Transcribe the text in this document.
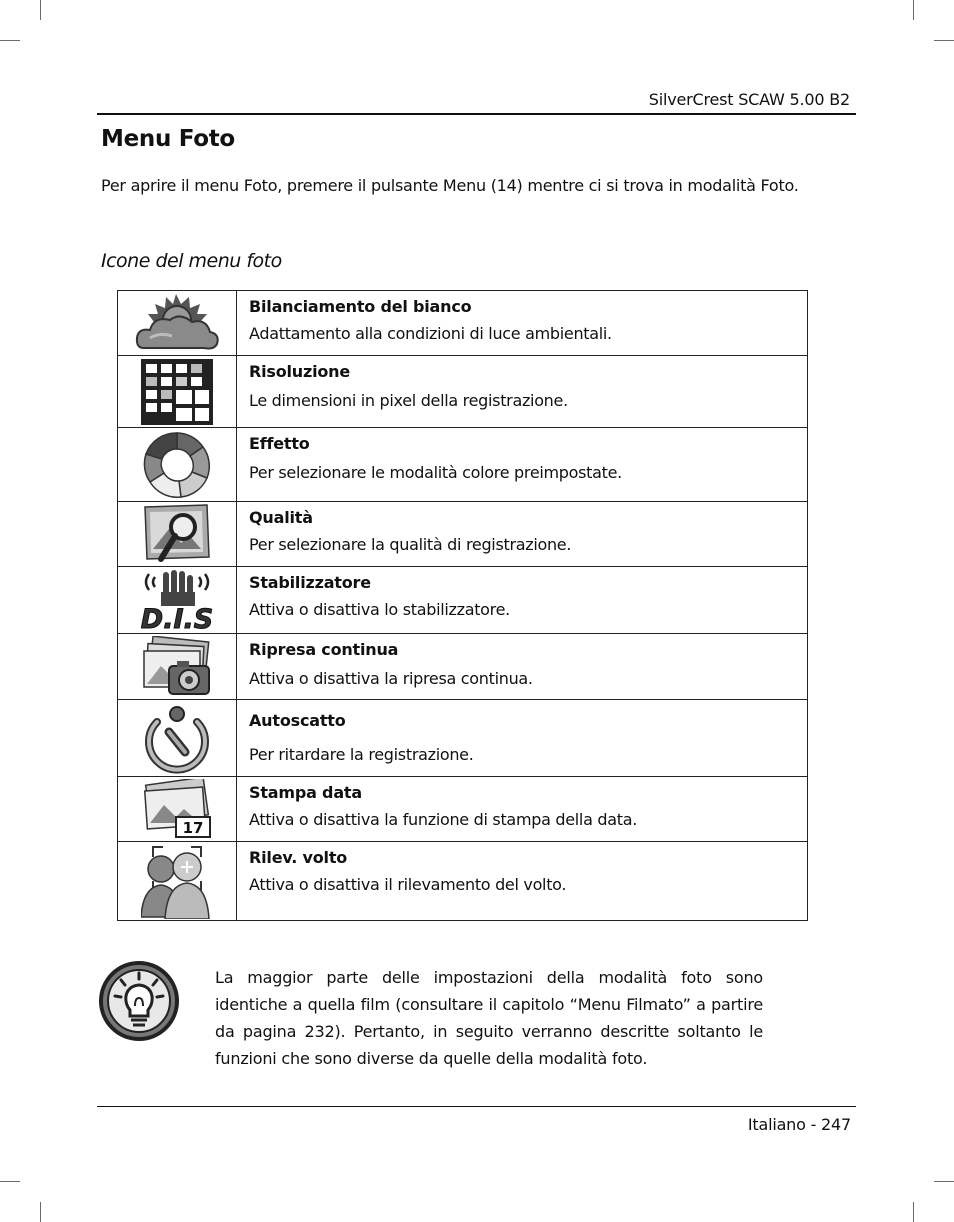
SilverCrest SCAW 5.00 B2
Menu Foto

Per aprire il menu Foto, premere il pulsante Menu (14) mentre ci si trova in modalità Foto.

Icone del menu foto

Bilanciamento del bianco
Adattamento alla condizioni di luce ambientali.

Risoluzione
Le dimensioni in pixel della registrazione.

Effetto
Per selezionare le modalità colore preimpostate.

Qualità
Per selezionare la qualità di registrazione.

D.I.S	Stabilizzatore
Attiva o disattiva lo stabilizzatore.

Ripresa continua
Attiva o disattiva la ripresa continua.

Autoscatto
Per ritardare la registrazione.

17	Stampa data
Attiva o disattiva la funzione di stampa della data.

Rilev. volto
Attiva o disattiva il rilevamento del volto.

La maggior parte delle impostazioni della modalità foto sono identiche a quella film (consultare il capitolo “Menu Filmato” a partire da pagina 232). Pertanto, in seguito verranno descritte soltanto le funzioni che sono diverse da quelle della modalità foto.

Italiano - 247
